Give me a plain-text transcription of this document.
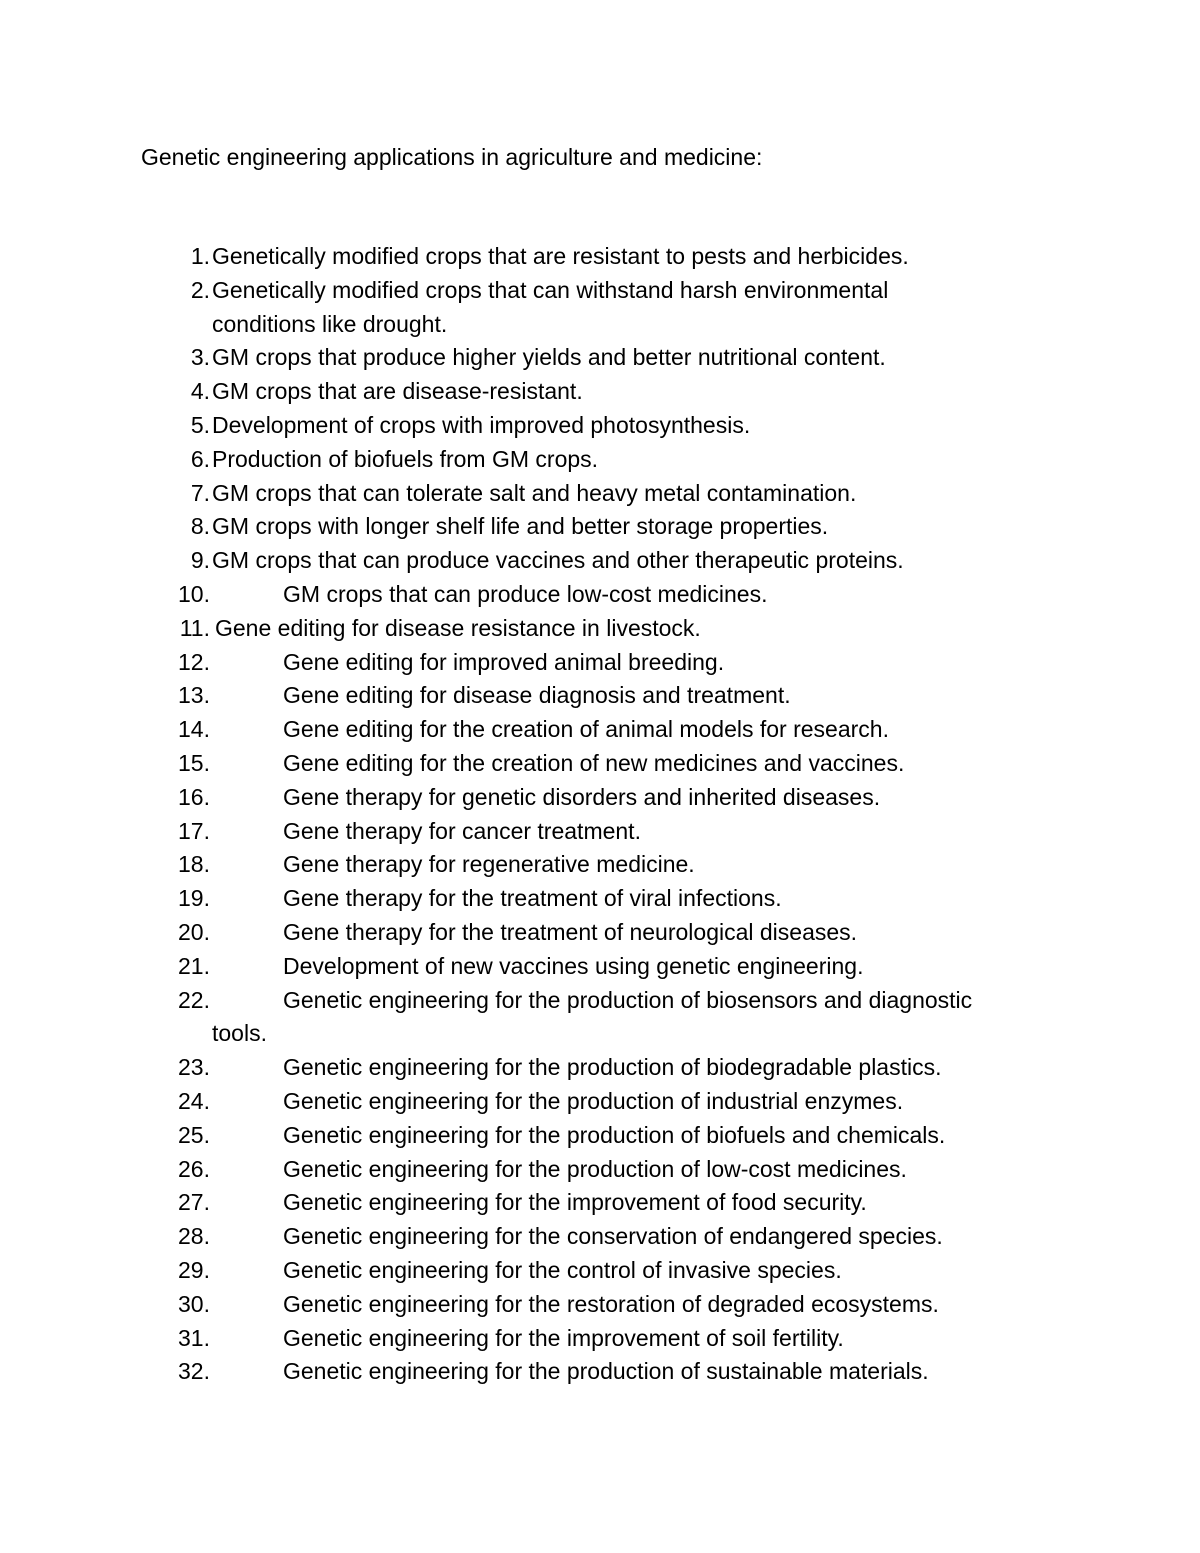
Genetic engineering applications in agriculture and medicine:
1. Genetically modified crops that are resistant to pests and herbicides.
2. Genetically modified crops that can withstand harsh environmental
conditions like drought.
3. GM crops that produce higher yields and better nutritional content.
4. GM crops that are disease-resistant.
5. Development of crops with improved photosynthesis.
6. Production of biofuels from GM crops.
7. GM crops that can tolerate salt and heavy metal contamination.
8. GM crops with longer shelf life and better storage properties.
9. GM crops that can produce vaccines and other therapeutic proteins.
10.	GM crops that can produce low-cost medicines.
11. Gene editing for disease resistance in livestock.
12.	Gene editing for improved animal breeding.
13.	Gene editing for disease diagnosis and treatment.
14.	Gene editing for the creation of animal models for research.
15.	Gene editing for the creation of new medicines and vaccines.
16.	Gene therapy for genetic disorders and inherited diseases.
17.	Gene therapy for cancer treatment.
18.	Gene therapy for regenerative medicine.
19.	Gene therapy for the treatment of viral infections.
20.	Gene therapy for the treatment of neurological diseases.
21.	Development of new vaccines using genetic engineering.
22.	Genetic engineering for the production of biosensors and diagnostic
tools.
23.	Genetic engineering for the production of biodegradable plastics.
24.	Genetic engineering for the production of industrial enzymes.
25.	Genetic engineering for the production of biofuels and chemicals.
26.	Genetic engineering for the production of low-cost medicines.
27.	Genetic engineering for the improvement of food security.
28.	Genetic engineering for the conservation of endangered species.
29.	Genetic engineering for the control of invasive species.
30.	Genetic engineering for the restoration of degraded ecosystems.
31.	Genetic engineering for the improvement of soil fertility.
32.	Genetic engineering for the production of sustainable materials.
